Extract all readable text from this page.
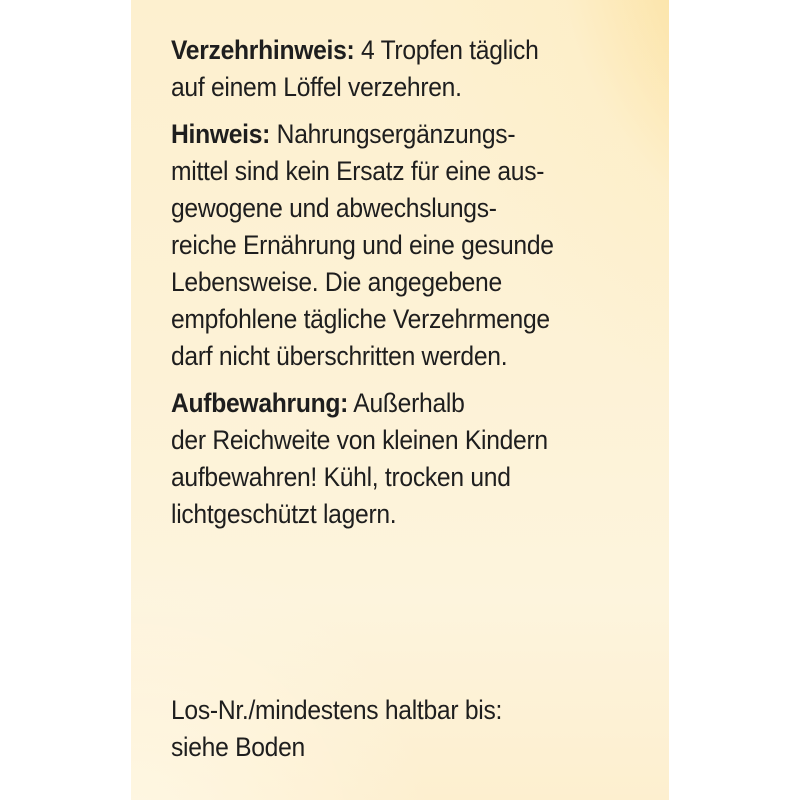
Verzehrhinweis: 4 Tropfen täglich
auf einem Löffel verzehren.
Hinweis: Nahrungsergänzungs-
mittel sind kein Ersatz für eine aus-
gewogene und abwechslungs-
reiche Ernährung und eine gesunde
Lebensweise. Die angegebene
empfohlene tägliche Verzehrmenge
darf nicht überschritten werden.
Aufbewahrung: Außerhalb
der Reichweite von kleinen Kindern
aufbewahren! Kühl, trocken und
lichtgeschützt lagern.
Los-Nr./mindestens haltbar bis:
siehe Boden
